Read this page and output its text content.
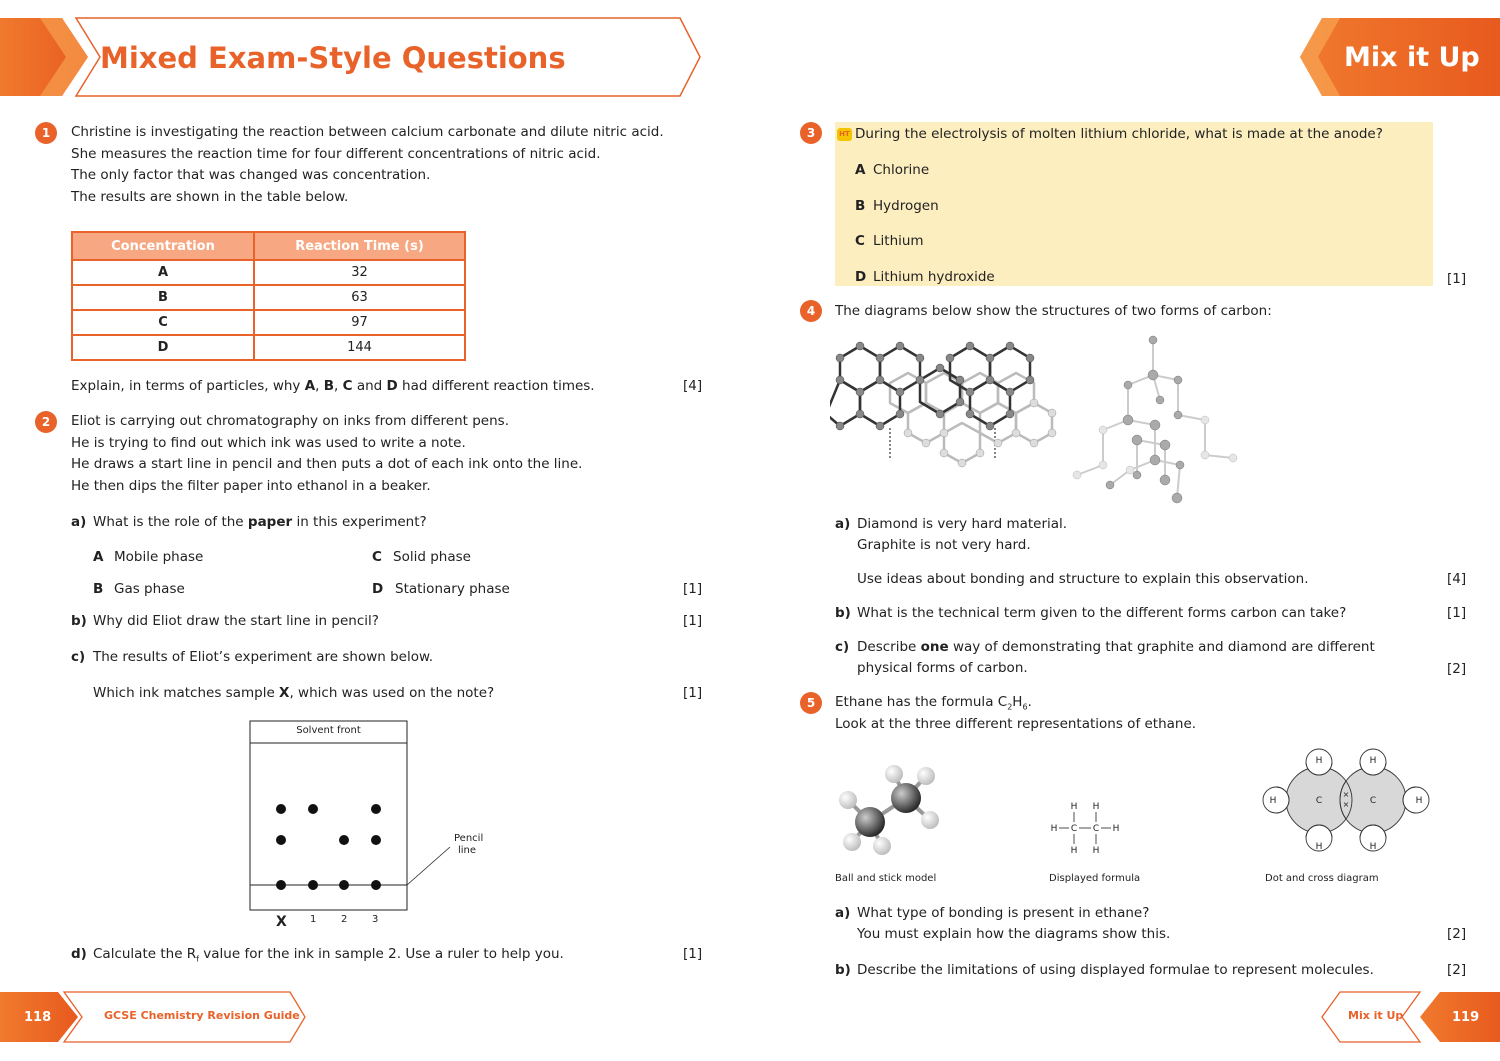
Mixed Exam-Style Questions	Mix it Up
1	Christine is investigating the reaction between calcium carbonate and dilute nitric acid.
She measures the reaction time for four different concentrations of nitric acid.
The only factor that was changed was concentration.
The results are shown in the table below.
Concentration	Reaction Time (s)
A	32
B	63
C	97
D	144
Explain, in terms of particles, why A, B, C and D had different reaction times.	[4]
2	Eliot is carrying out chromatography on inks from different pens.
He is trying to find out which ink was used to write a note.
He draws a start line in pencil and then puts a dot of each ink onto the line.
He then dips the filter paper into ethanol in a beaker.
a) What is the role of the paper in this experiment?
A Mobile phase	C Solid phase
B Gas phase	D Stationary phase	[1]
b) Why did Eliot draw the start line in pencil?	[1]
c) The results of Eliot’s experiment are shown below.
Which ink matches sample X, which was used on the note?	[1]
Solvent front
Pencil
line
X 1 2 3
d) Calculate the $R_f$ value for the ink in sample 2. Use a ruler to help you.	[1]
118	GCSE Chemistry Revision Guide	Mix it Up	119
3	HT During the electrolysis of molten lithium chloride, what is made at the anode?
A Chlorine
B Hydrogen
C Lithium
D Lithium hydroxide	[1]
4	The diagrams below show the structures of two forms of carbon:
a) Diamond is very hard material.
Graphite is not very hard.
Use ideas about bonding and structure to explain this observation.	[4]
b) What is the technical term given to the different forms carbon can take?	[1]
c) Describe one way of demonstrating that graphite and diamond are different
physical forms of carbon.	[2]
5	Ethane has the formula $C_2H_6$.
Look at the three different representations of ethane.
H H
H C C H
H H
H	H
H	H
H	H
C	C
×
×
Ball and stick model	Displayed formula	Dot and cross diagram
a) What type of bonding is present in ethane?
You must explain how the diagrams show this.	[2]
b) Describe the limitations of using displayed formulae to represent molecules.	[2]
